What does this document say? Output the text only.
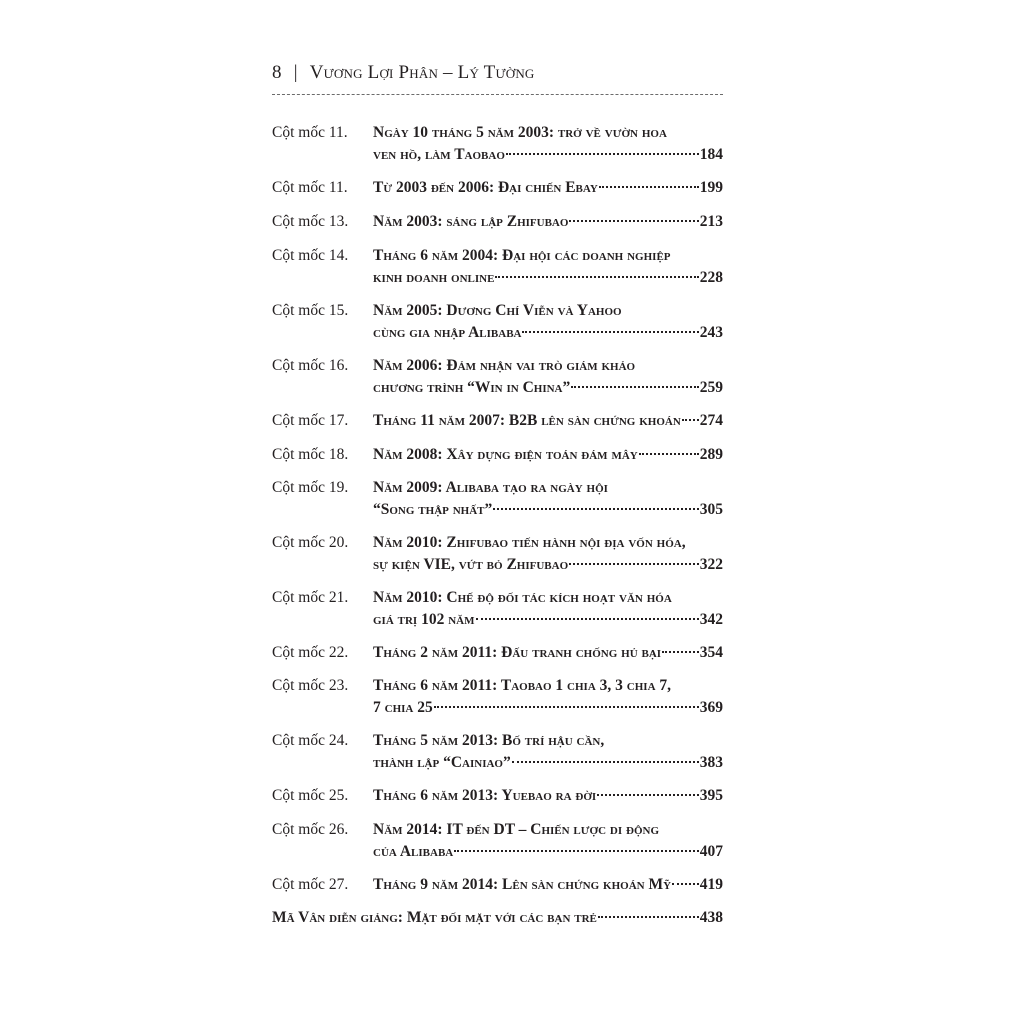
8 | Vương Lợi Phân – Lý Tường
Cột mốc 11.	Ngày 10 tháng 5 năm 2003: trở về vườn hoa
ven hồ, làm Taobao	184
Cột mốc 11.	Từ 2003 đến 2006: Đại chiến Ebay	199
Cột mốc 13.	Năm 2003: sáng lập Zhifubao	213
Cột mốc 14.	Tháng 6 năm 2004: Đại hội các doanh nghiệp
kinh doanh online	228
Cột mốc 15.	Năm 2005: Dương Chí Viễn và Yahoo
cùng gia nhập Alibaba	243
Cột mốc 16.	Năm 2006: Đảm nhận vai trò giám khảo
chương trình “Win in China”	259
Cột mốc 17.	Tháng 11 năm 2007: B2B lên sàn chứng khoán 274
Cột mốc 18.	Năm 2008: Xây dựng điện toán đám mây	289
Cột mốc 19.	Năm 2009: Alibaba tạo ra ngày hội
“Song thập nhất”	305
Cột mốc 20.	Năm 2010: Zhifubao tiến hành nội địa vốn hóa,
sự kiện VIE, vứt bỏ Zhifubao	322
Cột mốc 21.	Năm 2010: Chế độ đối tác kích hoạt văn hóa
giá trị 102 năm	342
Cột mốc 22.	Tháng 2 năm 2011: Đấu tranh chống hủ bại 354
Cột mốc 23.	Tháng 6 năm 2011: Taobao 1 chia 3, 3 chia 7,
7 chia 25	369
Cột mốc 24.	Tháng 5 năm 2013: Bố trí hậu cần,
thành lập “Cainiao”	383
Cột mốc 25.	Tháng 6 năm 2013: Yuebao ra đời	395
Cột mốc 26.	Năm 2014: IT đến DT – Chiến lược di động
của Alibaba	407
Cột mốc 27.	Tháng 9 năm 2014: Lên sàn chứng khoán Mỹ 419
Mã Vân diễn giảng: Mặt đối mặt với các bạn trẻ	438
